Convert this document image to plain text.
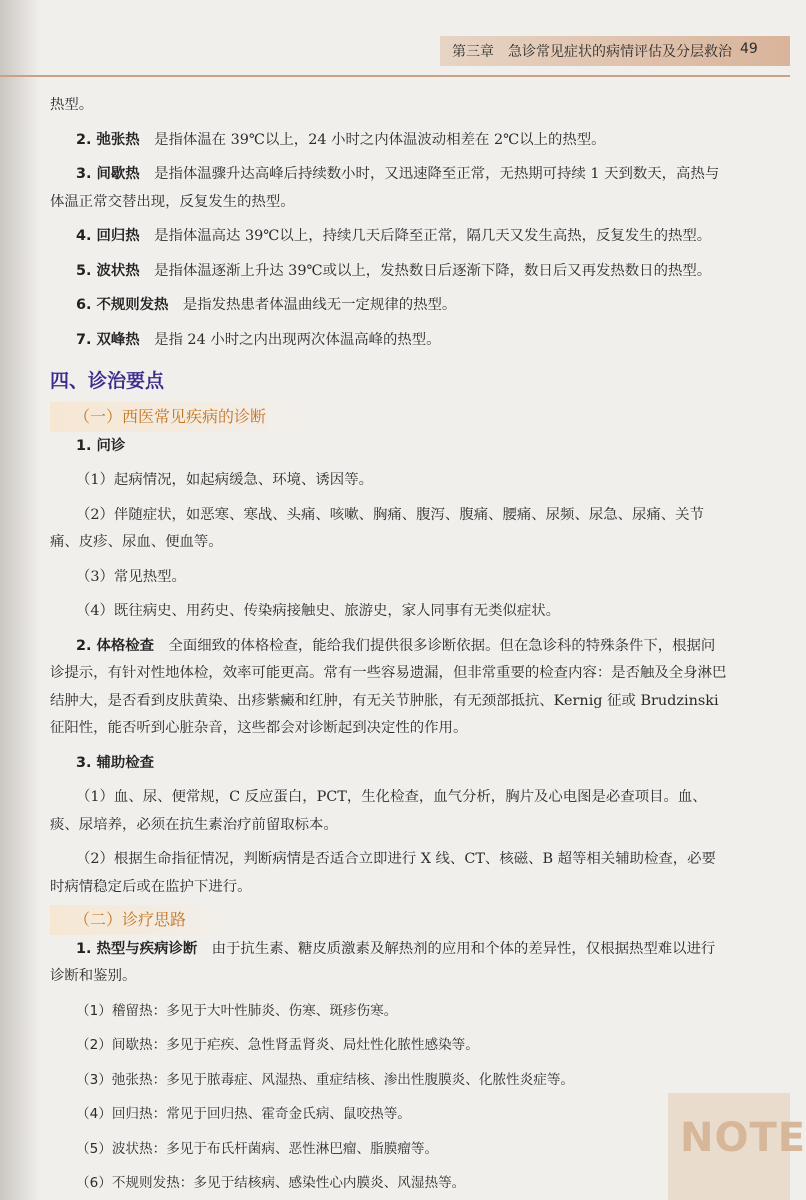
第三章　急诊常见症状的病情评估及分层救治 49

热型。

2. 弛张热　 是指体温在 39℃以上，24 小时之内体温波动相差在 2℃以上的热型。

3. 间歇热　 是指体温骤升达高峰后持续数小时，又迅速降至正常，无热期可持续 1 天到数天，高热与体温正常交替出现，反复发生的热型。

4. 回归热　 是指体温高达 39℃以上，持续几天后降至正常，隔几天又发生高热，反复发生的热型。

5. 波状热　 是指体温逐渐上升达 39℃或以上，发热数日后逐渐下降，数日后又再发热数日的热型。

6. 不规则发热　 是指发热患者体温曲线无一定规律的热型。

7. 双峰热　 是指 24 小时之内出现两次体温高峰的热型。

四、诊治要点
（一）西医常见疾病的诊断

1. 问诊

（1）起病情况，如起病缓急、环境、诱因等。

（2）伴随症状，如恶寒、寒战、头痛、咳嗽、胸痛、腹泻、腹痛、腰痛、尿频、尿急、尿痛、关节痛、皮疹、尿血、便血等。

（3）常见热型。

（4）既往病史、用药史、传染病接触史、旅游史，家人同事有无类似症状。

2. 体格检查　 全面细致的体格检查，能给我们提供很多诊断依据。但在急诊科的特殊条件下，根据问诊提示，有针对性地体检，效率可能更高。常有一些容易遗漏，但非常重要的检查内容：是否触及全身淋巴结肿大，是否看到皮肤黄染、出疹紫癜和红肿，有无关节肿胀，有无颈部抵抗、Kernig 征或 Brudzinski 征阳性，能否听到心脏杂音，这些都会对诊断起到决定性的作用。

3. 辅助检查

（1）血、尿、便常规，C 反应蛋白，PCT，生化检查，血气分析，胸片及心电图是必查项目。血、痰、尿培养，必须在抗生素治疗前留取标本。

（2）根据生命指征情况，判断病情是否适合立即进行 X 线、CT、核磁、B 超等相关辅助检查，必要时病情稳定后或在监护下进行。

（二）诊疗思路

1. 热型与疾病诊断　 由于抗生素、糖皮质激素及解热剂的应用和个体的差异性，仅根据热型难以进行诊断和鉴别。

（1）稽留热：多见于大叶性肺炎、伤寒、斑疹伤寒。

（2）间歇热：多见于疟疾、急性肾盂肾炎、局灶性化脓性感染等。

（3）弛张热：多见于脓毒症、风湿热、重症结核、渗出性腹膜炎、化脓性炎症等。

（4）回归热：常见于回归热、霍奇金氏病、鼠咬热等。

（5）波状热：多见于布氏杆菌病、恶性淋巴瘤、脂膜瘤等。

（6）不规则发热：多见于结核病、感染性心内膜炎、风湿热等。

NOTE
